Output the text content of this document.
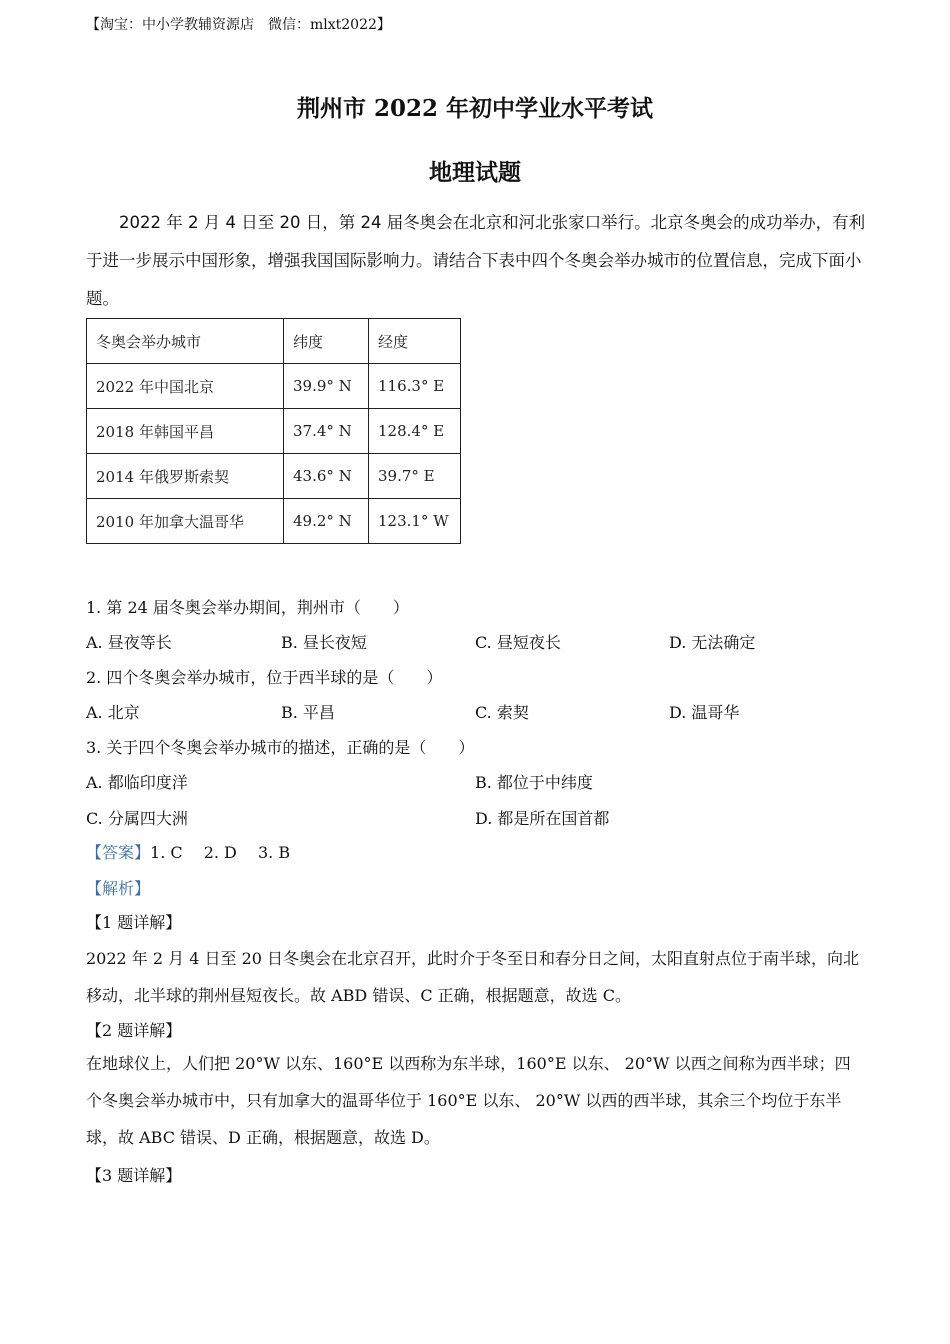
【淘宝：中小学教辅资源店　微信：mlxt2022】
荆州市 2022 年初中学业水平考试
地理试题
2022 年 2 月 4 日至 20 日，第 24 届冬奥会在北京和河北张家口举行。北京冬奥会的成功举办，有利于进一步展示中国形象，增强我国国际影响力。请结合下表中四个冬奥会举办城市的位置信息，完成下面小题。
冬奥会举办城市	纬度	经度
2022 年中国北京	39.9° N	116.3° E
2018 年韩国平昌	37.4° N	128.4° E
2014 年俄罗斯索契	43.6° N	39.7° E
2010 年加拿大温哥华	49.2° N	123.1° W
1. 第 24 届冬奥会举办期间，荆州市（　　）
A. 昼夜等长	B. 昼长夜短	C. 昼短夜长	D. 无法确定
2. 四个冬奥会举办城市，位于西半球的是（　　）
A. 北京	B. 平昌	C. 索契	D. 温哥华
3. 关于四个冬奥会举办城市的描述，正确的是（　　）
A. 都临印度洋	B. 都位于中纬度
C. 分属四大洲	D. 都是所在国首都
【答案】1. C　 2. D　 3. B
【解析】
【1 题详解】
2022 年 2 月 4 日至 20 日冬奥会在北京召开，此时介于冬至日和春分日之间，太阳直射点位于南半球，向北移动，北半球的荆州昼短夜长。故 ABD 错误、C 正确，根据题意，故选 C。
【2 题详解】
在地球仪上，人们把 20°W 以东、160°E 以西称为东半球，160°E 以东、 20°W 以西之间称为西半球；四个冬奥会举办城市中，只有加拿大的温哥华位于 160°E 以东、 20°W 以西的西半球，其余三个均位于东半球，故 ABC 错误、D 正确，根据题意，故选 D。
【3 题详解】
